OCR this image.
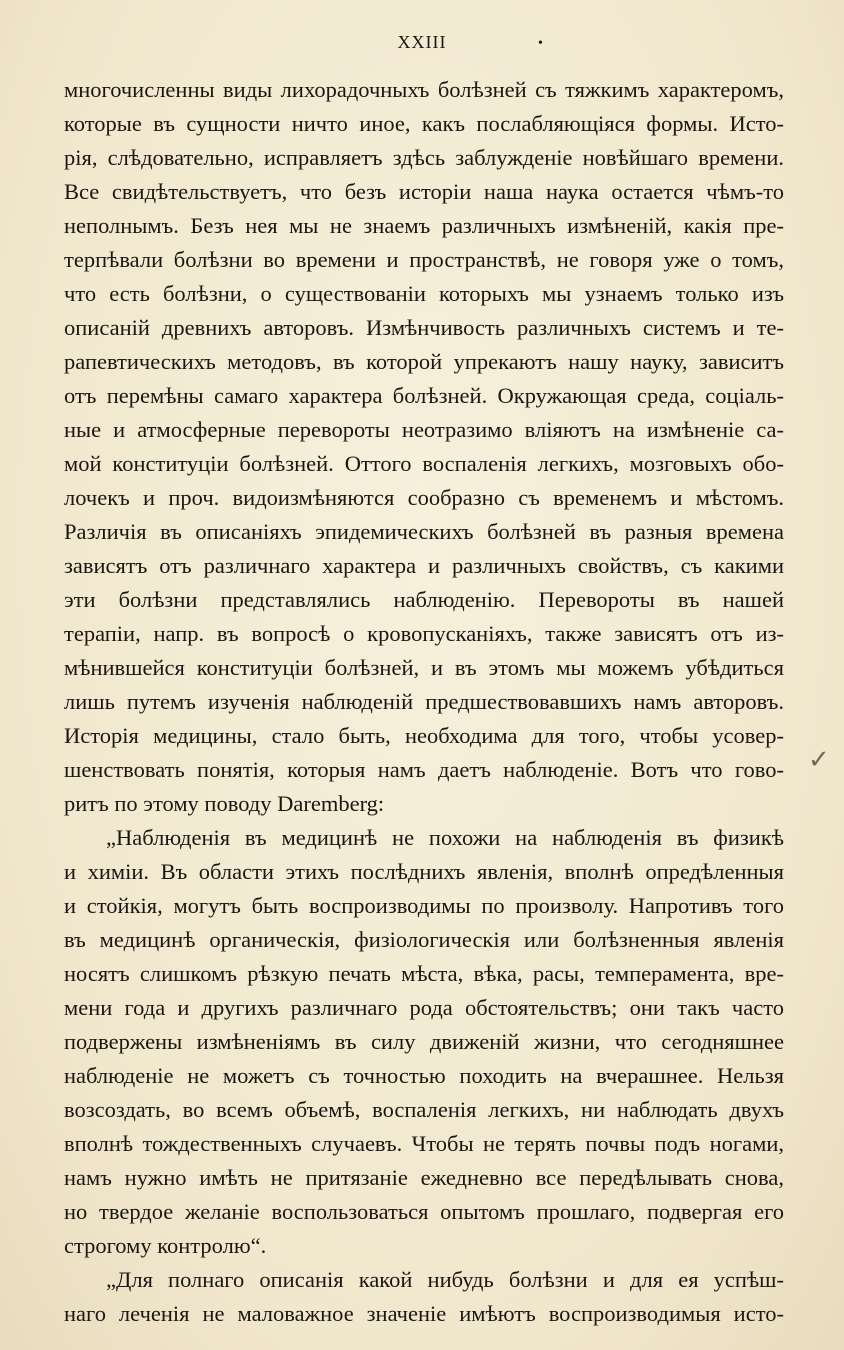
XXIII	•
многочисленны виды лихорадочныхъ болѣзней съ тяжкимъ характеромъ,
которые въ сущности ничто иное, какъ послабляющіяся формы. Исто-
рія, слѣдовательно, исправляетъ здѣсь заблужденіе новѣйшаго времени.
Все свидѣтельствуетъ, что безъ исторіи наша наука остается чѣмъ-то
неполнымъ. Безъ нея мы не знаемъ различныхъ измѣненій, какія пре-
терпѣвали болѣзни во времени и пространствѣ, не говоря уже о томъ,
что есть болѣзни, о существованіи которыхъ мы узнаемъ только изъ
описаній древнихъ авторовъ. Измѣнчивость различныхъ системъ и те-
рапевтическихъ методовъ, въ которой упрекаютъ нашу науку, зависитъ
отъ перемѣны самаго характера болѣзней. Окружающая среда, соціаль-
ные и атмосферные перевороты неотразимо вліяютъ на измѣненіе са-
мой конституціи болѣзней. Оттого воспаленія легкихъ, мозговыхъ обо-
лочекъ и проч. видоизмѣняются сообразно съ временемъ и мѣстомъ.
Различія въ описаніяхъ эпидемическихъ болѣзней въ разныя времена
зависятъ отъ различнаго характера и различныхъ свойствъ, съ какими
эти болѣзни представлялись наблюденію. Перевороты въ нашей
терапіи, напр. въ вопросѣ о кровопусканіяхъ, также зависятъ отъ из-
мѣнившейся конституціи болѣзней, и въ этомъ мы можемъ убѣдиться
лишь путемъ изученія наблюденій предшествовавшихъ намъ авторовъ.
Исторія медицины, стало быть, необходима для того, чтобы усовер-
шенствовать понятія, которыя намъ даетъ наблюденіе. Вотъ что гово-
ритъ по этому поводу Daremberg:
„Наблюденія въ медицинѣ не похожи на наблюденія въ физикѣ
и химіи. Въ области этихъ послѣднихъ явленія, вполнѣ опредѣленныя
и стойкія, могутъ быть воспроизводимы по произволу. Напротивъ того
въ медицинѣ органическія, физіологическія или болѣзненныя явленія
носятъ слишкомъ рѣзкую печать мѣста, вѣка, расы, темперамента, вре-
мени года и другихъ различнаго рода обстоятельствъ; они такъ часто
подвержены измѣненіямъ въ силу движеній жизни, что сегодняшнее
наблюденіе не можетъ съ точностью походить на вчерашнее. Нельзя
возсоздать, во всемъ объемѣ, воспаленія легкихъ, ни наблюдать двухъ
вполнѣ тождественныхъ случаевъ. Чтобы не терять почвы подъ ногами,
намъ нужно имѣть не притязаніе ежедневно все передѣлывать снова,
но твердое желаніе воспользоваться опытомъ прошлаго, подвергая его
строгому контролю“.
„Для полнаго описанія какой нибудь болѣзни и для ея успѣш-
наго леченія не маловажное значеніе имѣютъ воспроизводимыя исто-
✓
